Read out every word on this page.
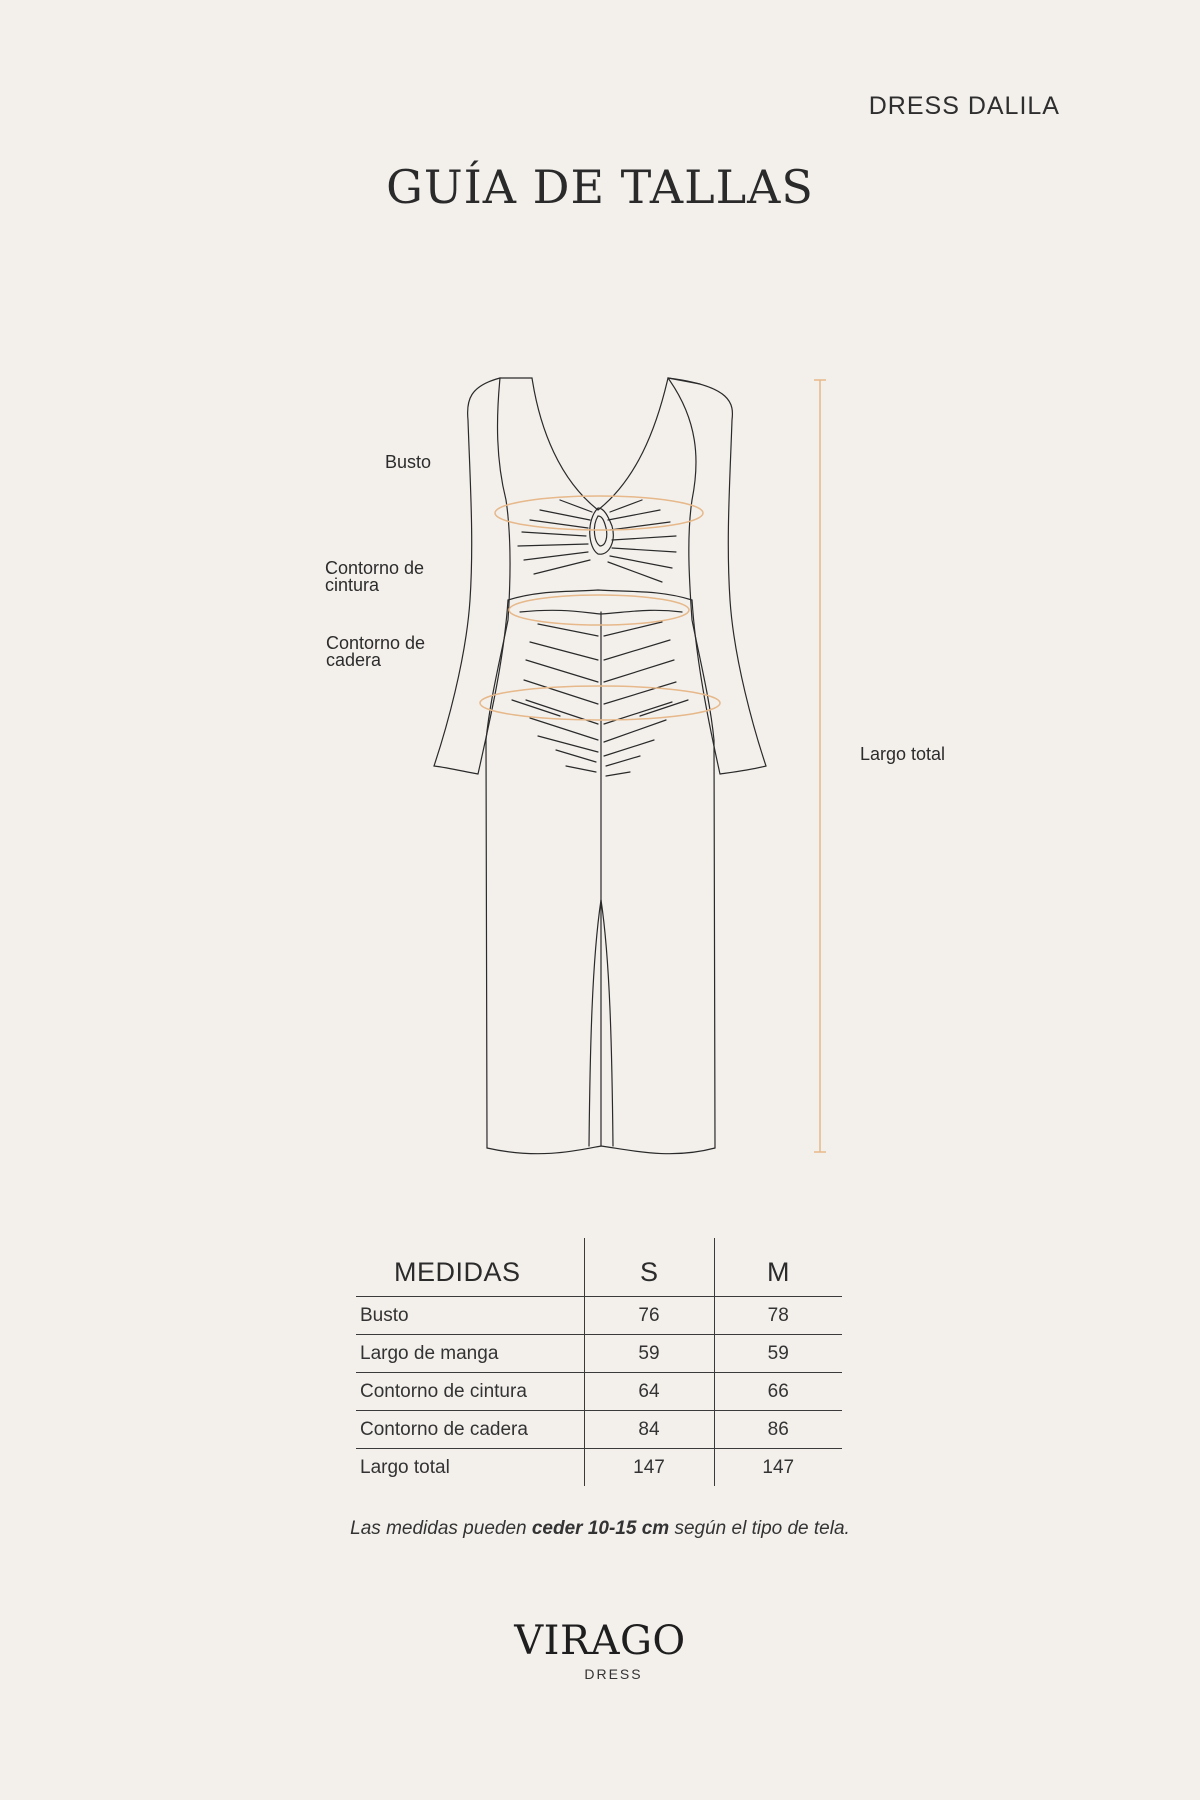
DRESS DALILA
GUÍA DE TALLAS
Busto
Contorno de
cintura
Contorno de
cadera
Largo total
MEDIDAS	S	M
Busto	76	78
Largo de manga	59	59
Contorno de cintura	64	66
Contorno de cadera	84	86
Largo total	147	147
Las medidas pueden ceder 10-15 cm según el tipo de tela.
VIRAGO
DRESS
